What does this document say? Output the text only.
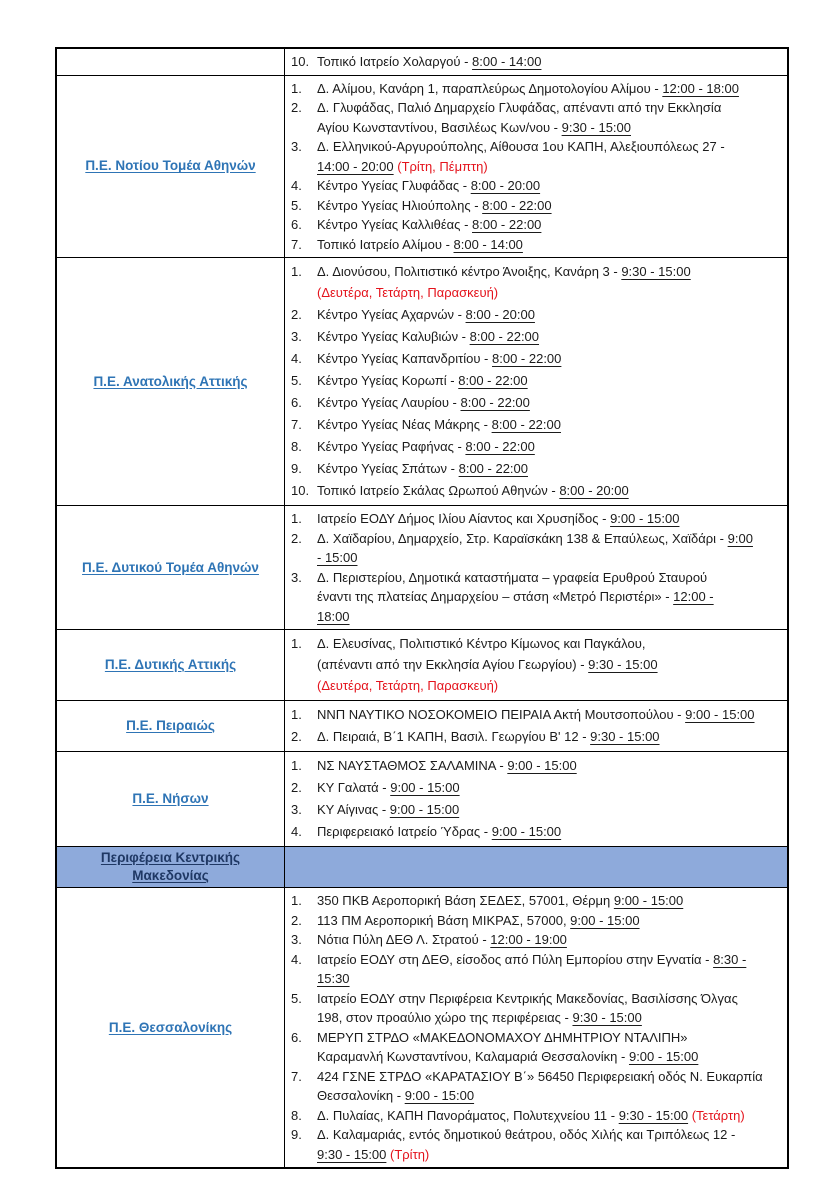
10. Τοπικό Ιατρείο Χολαργού - 8:00 - 14:00
Π.Ε. Νοτίου Τομέα Αθηνών
1.	Δ. Αλίμου, Κανάρη 1, παραπλεύρως Δημοτολογίου Αλίμου - 12:00 - 18:00
2.	Δ. Γλυφάδας, Παλιό Δημαρχείο Γλυφάδας, απέναντι από την Εκκλησία
Αγίου Κωνσταντίνου, Βασιλέως Κων/νου - 9:30 - 15:00
3.	Δ. Ελληνικού-Αργυρούπολης, Αίθουσα 1ου ΚΑΠΗ, Αλεξιουπόλεως 27 -
14:00 - 20:00 (Τρίτη, Πέμπτη)
4.	Κέντρο Υγείας Γλυφάδας - 8:00 - 20:00
5.	Κέντρο Υγείας Ηλιούπολης - 8:00 - 22:00
6.	Κέντρο Υγείας Καλλιθέας - 8:00 - 22:00
7.	Τοπικό Ιατρείο Αλίμου - 8:00 - 14:00
Π.Ε. Ανατολικής Αττικής
1.	Δ. Διονύσου, Πολιτιστικό κέντρο Άνοιξης, Κανάρη 3 - 9:30 - 15:00
(Δευτέρα, Τετάρτη, Παρασκευή)
2.	Κέντρο Υγείας Αχαρνών - 8:00 - 20:00
3.	Κέντρο Υγείας Καλυβιών - 8:00 - 22:00
4.	Κέντρο Υγείας Καπανδριτίου - 8:00 - 22:00
5.	Κέντρο Υγείας Κορωπί - 8:00 - 22:00
6.	Κέντρο Υγείας Λαυρίου - 8:00 - 22:00
7.	Κέντρο Υγείας Νέας Μάκρης - 8:00 - 22:00
8.	Κέντρο Υγείας Ραφήνας - 8:00 - 22:00
9.	Κέντρο Υγείας Σπάτων - 8:00 - 22:00
10. Τοπικό Ιατρείο Σκάλας Ωρωπού Αθηνών - 8:00 - 20:00
Π.Ε. Δυτικού Τομέα Αθηνών
1.	Ιατρείο ΕΟΔΥ Δήμος Ιλίου Αίαντος και Χρυσηίδος - 9:00 - 15:00
2.	Δ. Χαϊδαρίου, Δημαρχείο, Στρ. Καραϊσκάκη 138 & Επαύλεως, Χαϊδάρι - 9:00
- 15:00
3.	Δ. Περιστερίου, Δημοτικά καταστήματα – γραφεία Ερυθρού Σταυρού
έναντι της πλατείας Δημαρχείου – στάση «Μετρό Περιστέρι» - 12:00 -
18:00
Π.Ε. Δυτικής Αττικής
1.	Δ. Ελευσίνας, Πολιτιστικό Κέντρο Κίμωνος και Παγκάλου,
(απέναντι από την Εκκλησία Αγίου Γεωργίου) - 9:30 - 15:00
(Δευτέρα, Τετάρτη, Παρασκευή)
Π.Ε. Πειραιώς
1.	ΝΝΠ ΝΑΥΤΙΚΟ ΝΟΣΟΚΟΜΕΙΟ ΠΕΙΡΑΙΑ Ακτή Μουτσοπούλου - 9:00 - 15:00
2.	Δ. Πειραιά, Β΄1 ΚΑΠΗ, Βασιλ. Γεωργίου Β' 12 - 9:30 - 15:00
Π.Ε. Νήσων
1.	ΝΣ ΝΑΥΣΤΑΘΜΟΣ ΣΑΛΑΜΙΝΑ - 9:00 - 15:00
2.	ΚΥ Γαλατά - 9:00 - 15:00
3.	ΚΥ Αίγινας - 9:00 - 15:00
4.	Περιφερειακό Ιατρείο Ύδρας - 9:00 - 15:00
Περιφέρεια Κεντρικής Μακεδονίας
Π.Ε. Θεσσαλονίκης
1.	350 ΠΚΒ Αεροπορική Βάση ΣΕΔΕΣ, 57001, Θέρμη 9:00 - 15:00
2.	113 ΠΜ Αεροπορική Βάση ΜΙΚΡΑΣ, 57000, 9:00 - 15:00
3.	Νότια Πύλη ΔΕΘ Λ. Στρατού - 12:00 - 19:00
4.	Ιατρείο ΕΟΔΥ στη ΔΕΘ, είσοδος από Πύλη Εμπορίου στην Εγνατία - 8:30 -
15:30
5.	Ιατρείο ΕΟΔΥ στην Περιφέρεια Κεντρικής Μακεδονίας, Βασιλίσσης Όλγας
198, στον προαύλιο χώρο της περιφέρειας - 9:30 - 15:00
6.	ΜΕΡΥΠ ΣΤΡΔΟ «ΜΑΚΕΔΟΝΟΜΑΧΟΥ ΔΗΜΗΤΡΙΟΥ ΝΤΑΛΙΠΗ»
Καραμανλή Κωνσταντίνου, Καλαμαριά Θεσσαλονίκη - 9:00 - 15:00
7.	424 ΓΣΝΕ ΣΤΡΔΟ «ΚΑΡΑΤΑΣΙΟΥ Β΄» 56450 Περιφερειακή οδός Ν. Ευκαρπία
Θεσσαλονίκη - 9:00 - 15:00
8.	Δ. Πυλαίας, ΚΑΠΗ Πανοράματος, Πολυτεχνείου 11 - 9:30 - 15:00 (Τετάρτη)
9.	Δ. Καλαμαριάς, εντός δημοτικού θεάτρου, οδός Χιλής και Τριπόλεως 12 -
9:30 - 15:00 (Τρίτη)
